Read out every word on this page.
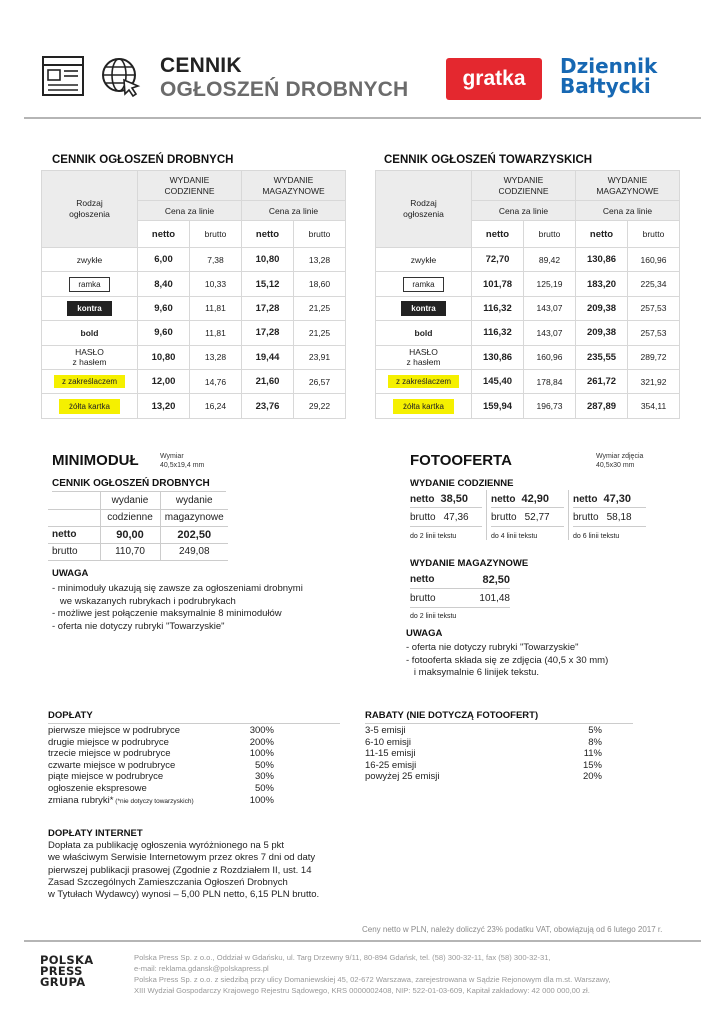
CENNIK
OGŁOSZEŃ DROBNYCH	gratka
Dziennik
Bałtycki
CENNIK OGŁOSZEŃ DROBNYCH
Rodzaj ogłoszenia	WYDANIE CODZIENNE		WYDANIE MAGAZYNOWE	
	Cena za linie		Cena za linie	
	netto	brutto	netto	brutto
zwykłe	6,00	7,38	10,80	13,28
ramka	8,40	10,33	15,12	18,60
kontra	9,60	11,81	17,28	21,25
bold	9,60	11,81	17,28	21,25

HASŁO
z hasłem	10,80	13,28	19,44	23,91
z zakreślaczem	12,00	14,76	21,60	26,57
żółta kartka	13,20	16,24	23,76	29,22
CENNIK OGŁOSZEŃ TOWARZYSKICH
Rodzaj ogłoszenia	WYDANIE CODZIENNE		WYDANIE MAGAZYNOWE	
	Cena za linie		Cena za linie	
	netto	brutto	netto	brutto
zwykłe	72,70	89,42	130,86	160,96
ramka	101,78	125,19	183,20	225,34
kontra	116,32	143,07	209,38	257,53
bold	116,32	143,07	209,38	257,53

HASŁO
z hasłem	130,86	160,96	235,55	289,72
z zakreślaczem	145,40	178,84	261,72	321,92
żółta kartka	159,94	196,73	287,89	354,11
MINIMODUŁ	Wymiar
40,5x19,4 mm
CENNIK OGŁOSZEŃ DROBNYCH

	wydanie	wydanie

	codzienne	magazynowe

netto	90,00	202,50
brutto	110,70	249,08
UWAGA
- minimoduły ukazują się zawsze za ogłoszeniami drobnymi
we wskazanych rubrykach i podrubrykach
- możliwe jest połączenie maksymalnie 8 minimodułów
- oferta nie dotyczy rubryki "Towarzyskie"
FOTOOFERTA	Wymiar zdjęcia
40,5x30 mm
WYDANIE CODZIENNE
netto 38,50
brutto 47,36
do 2 linii tekstu
netto 42,90
brutto 52,77
do 4 linii tekstu
netto 47,30
brutto 58,18
do 6 linii tekstu
WYDANIE MAGAZYNOWE
netto	82,50
brutto	101,48
do 2 linii tekstu
UWAGA
- oferta nie dotyczy rubryki "Towarzyskie"
- fotooferta składa się ze zdjęcia (40,5 x 30 mm)
i maksymalnie 6 linijek tekstu.
DOPŁATY
pierwsze miejsce w podrubryce	300%
drugie miejsce w podrubryce	200%
trzecie miejsce w podrubryce	100%
czwarte miejsce w podrubryce	50%
piąte miejsce w podrubryce	30%
ogłoszenie ekspresowe	50%
zmiana rubryki* (*nie dotyczy towarzyskich)	100%
RABATY (NIE DOTYCZĄ FOTOOFERT)
3-5 emisji	5%
6-10 emisji	8%
11-15 emisji	11%
16-25 emisji	15%
powyżej 25 emisji	20%
DOPŁATY INTERNET
Dopłata za publikację ogłoszenia wyróżnionego na 5 pkt
we właściwym Serwisie Internetowym przez okres 7 dni od daty
pierwszej publikacji prasowej (Zgodnie z Rozdziałem II, ust. 14
Zasad Szczególnych Zamieszczania Ogłoszeń Drobnych
w Tytułach Wydawcy) wynosi – 5,00 PLN netto, 6,15 PLN brutto.
Ceny netto w PLN, należy doliczyć 23% podatku VAT, obowiązują od 6 lutego 2017 r.
POLSKA
PRESS
GRUPA
Polska Press Sp. z o.o., Oddział w Gdańsku, ul. Targ Drzewny 9/11, 80-894 Gdańsk, tel. (58) 300-32-11, fax (58) 300-32-31,
e-mail: reklama.gdansk@polskapress.pl
Polska Press Sp. z o.o. z siedzibą przy ulicy Domaniewskiej 45, 02-672 Warszawa, zarejestrowana w Sądzie Rejonowym dla m.st. Warszawy,
XIII Wydział Gospodarczy Krajowego Rejestru Sądowego, KRS 0000002408, NIP: 522-01-03-609, Kapitał zakładowy: 42 000 000,00 zł.
